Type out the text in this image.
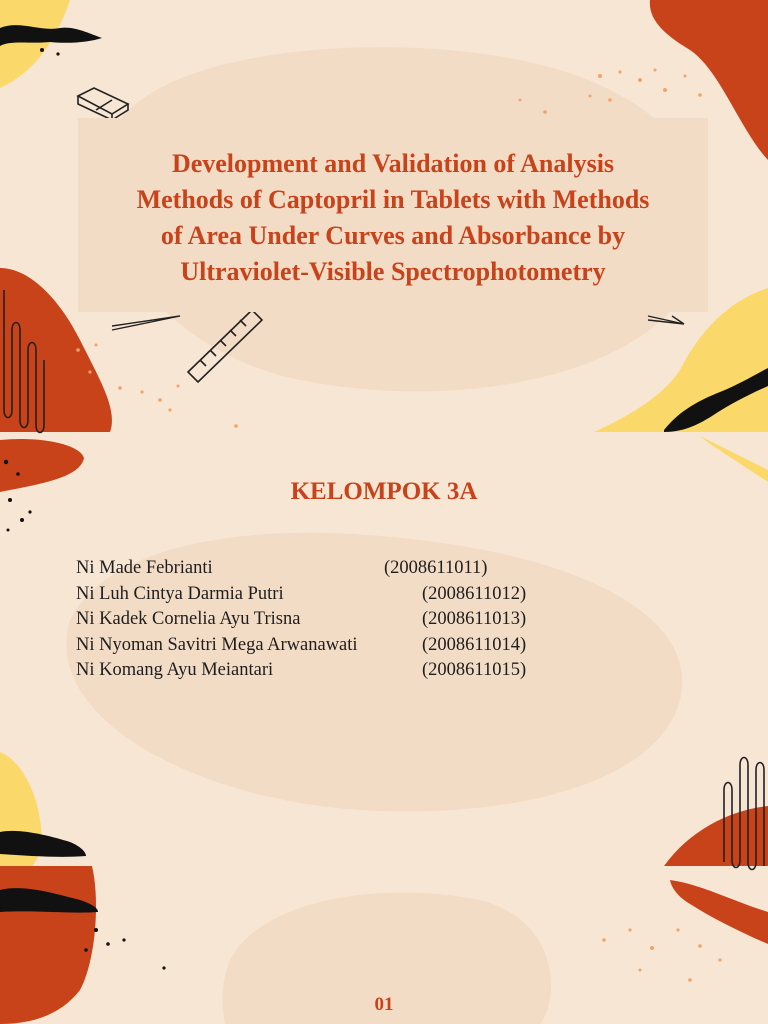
Development and Validation of Analysis
Methods of Captopril in Tablets with Methods
of Area Under Curves and Absorbance by
Ultraviolet-Visible Spectrophotometry
KELOMPOK 3A
Ni Made Febrianti	(2008611011)
Ni Luh Cintya Darmia Putri	(2008611012)
Ni Kadek Cornelia Ayu Trisna	(2008611013)
Ni Nyoman Savitri Mega Arwanawati	(2008611014)
Ni Komang Ayu Meiantari	(2008611015)
01
